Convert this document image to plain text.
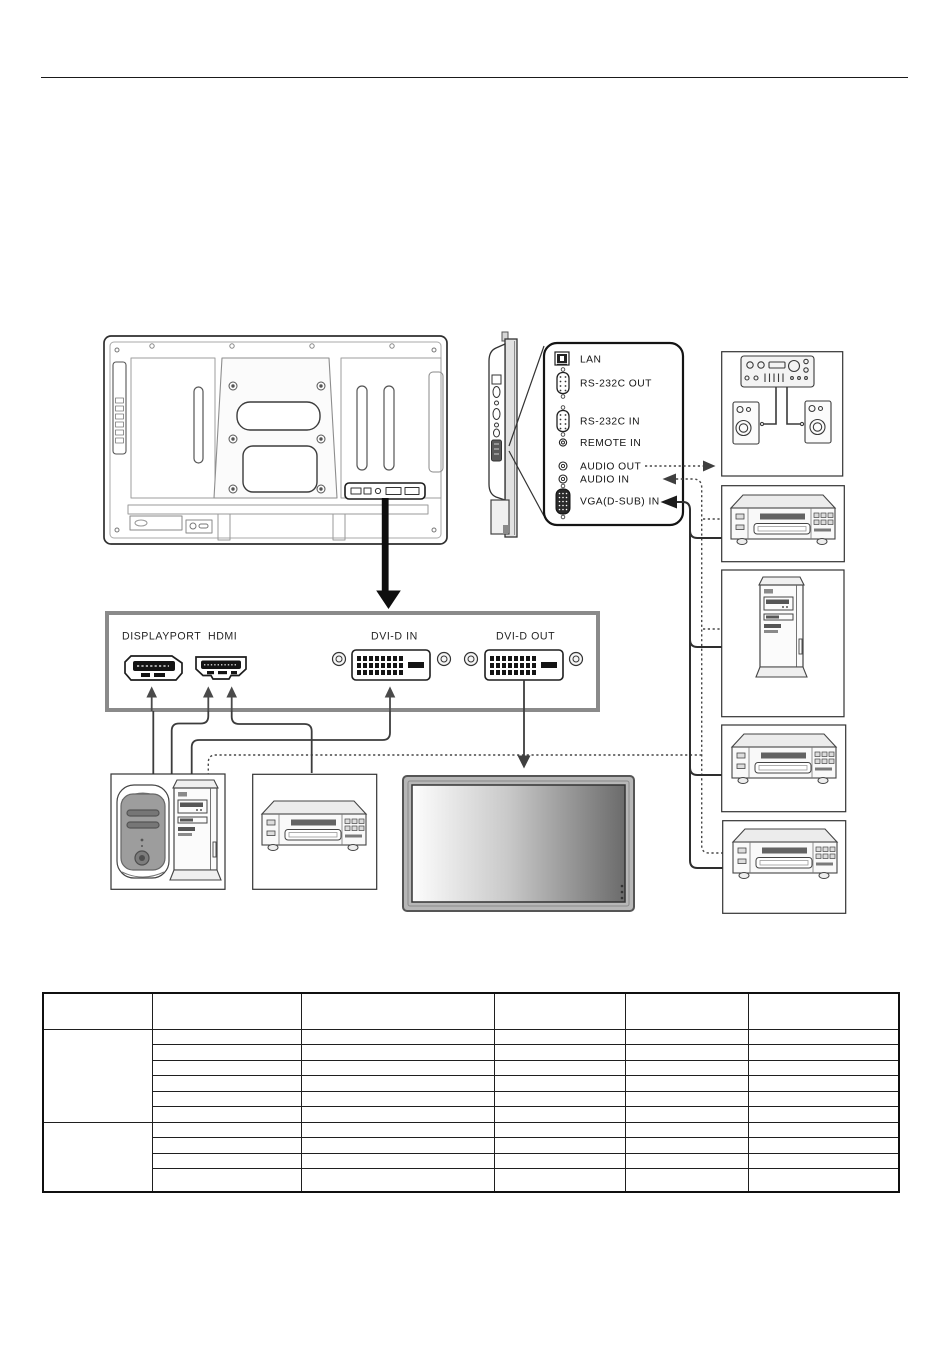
LAN
RS-232C OUT
RS-232C IN
REMOTE IN
AUDIO OUT
AUDIO IN
VGA(D-SUB) IN
DISPLAYPORT HDMI	DVI-D IN	DVI-D OUT
